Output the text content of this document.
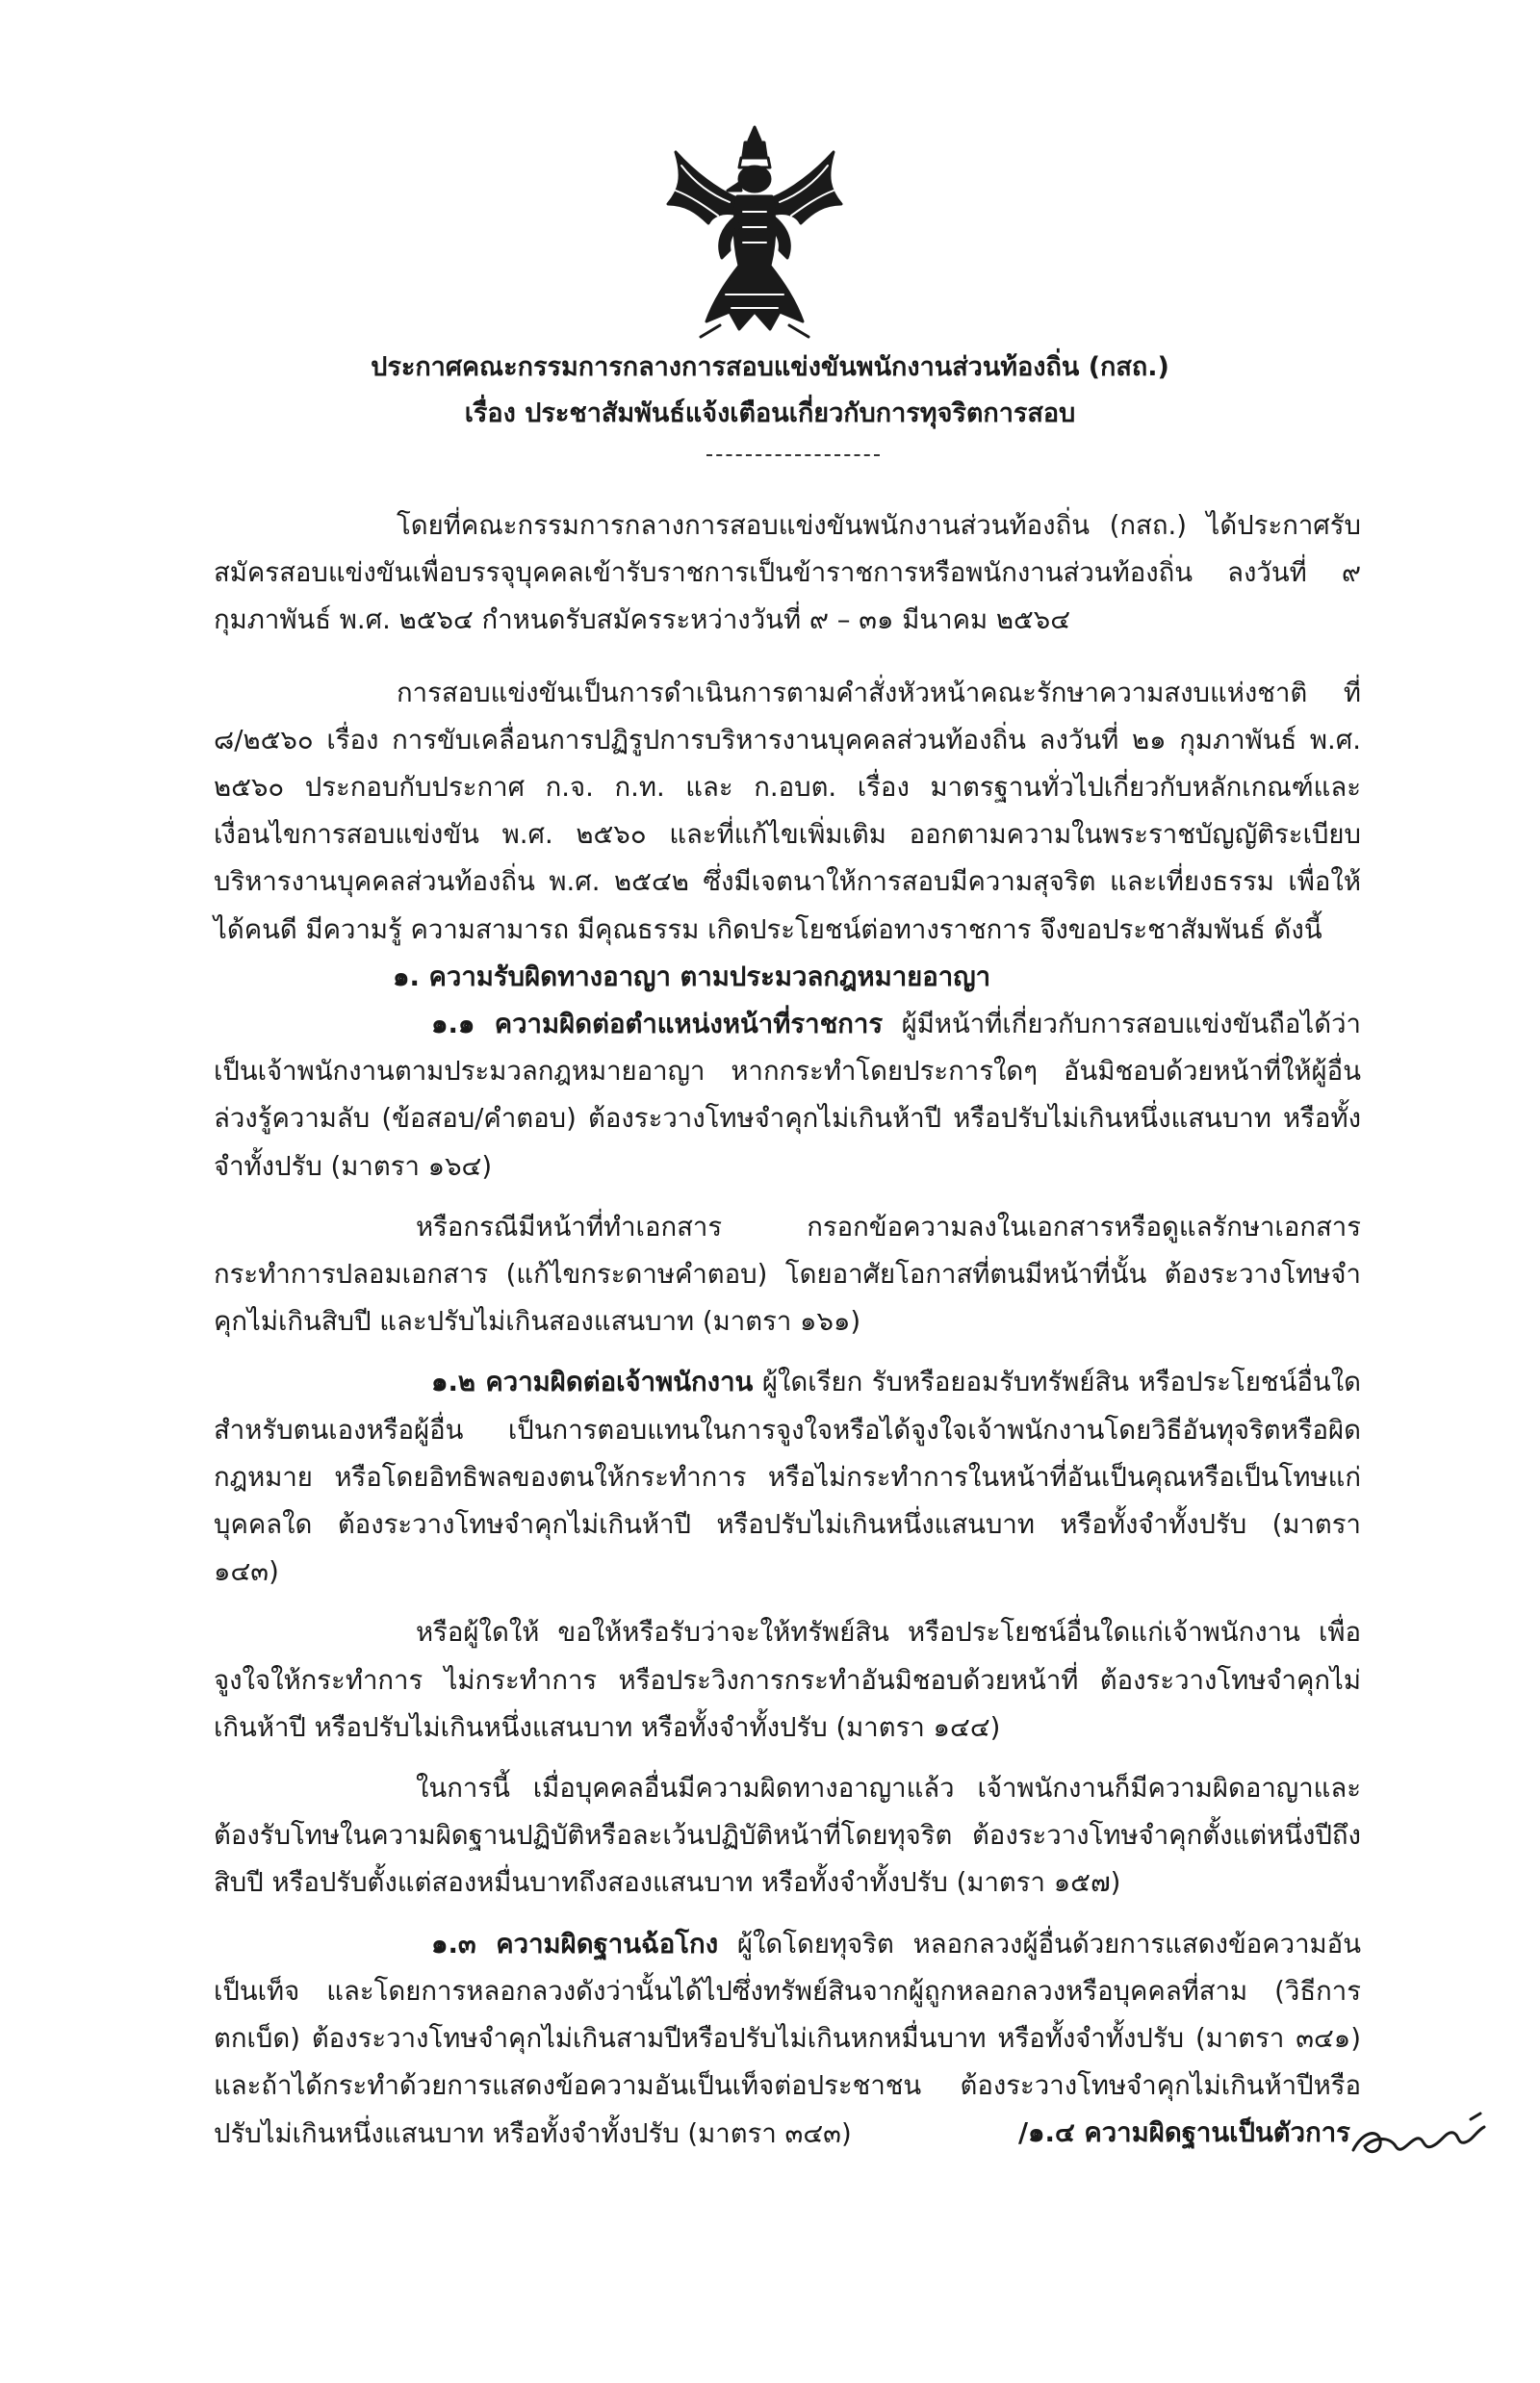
ประกาศคณะกรรมการกลางการสอบแข่งขันพนักงานส่วนท้องถิ่น (กสถ.)
เรื่อง ประชาสัมพันธ์แจ้งเตือนเกี่ยวกับการทุจริตการสอบ

โดยที่คณะกรรมการกลางการสอบแข่งขันพนักงานส่วนท้องถิ่น (กสถ.) ได้ประกาศรับสมัครสอบแข่งขันเพื่อบรรจุบุคคลเข้ารับราชการเป็นข้าราชการหรือพนักงานส่วนท้องถิ่น ลงวันที่ ๙ กุมภาพันธ์ พ.ศ. ๒๕๖๔ กำหนดรับสมัครระหว่างวันที่ ๙ – ๓๑ มีนาคม ๒๕๖๔

การสอบแข่งขันเป็นการดำเนินการตามคำสั่งหัวหน้าคณะรักษาความสงบแห่งชาติ ที่ ๘/๒๕๖๐ เรื่อง การขับเคลื่อนการปฏิรูปการบริหารงานบุคคลส่วนท้องถิ่น ลงวันที่ ๒๑ กุมภาพันธ์ พ.ศ. ๒๕๖๐ ประกอบกับประกาศ ก.จ. ก.ท. และ ก.อบต. เรื่อง มาตรฐานทั่วไปเกี่ยวกับหลักเกณฑ์และเงื่อนไขการสอบแข่งขัน พ.ศ. ๒๕๖๐ และที่แก้ไขเพิ่มเติม ออกตามความในพระราชบัญญัติระเบียบบริหารงานบุคคลส่วนท้องถิ่น พ.ศ. ๒๕๔๒ ซึ่งมีเจตนาให้การสอบมีความสุจริต และเที่ยงธรรม เพื่อให้ได้คนดี มีความรู้ ความสามารถ มีคุณธรรม เกิดประโยชน์ต่อทางราชการ จึงขอประชาสัมพันธ์ ดังนี้

๑. ความรับผิดทางอาญา ตามประมวลกฎหมายอาญา

๑.๑ ความผิดต่อตำแหน่งหน้าที่ราชการ ผู้มีหน้าที่เกี่ยวกับการสอบแข่งขันถือได้ว่าเป็นเจ้าพนักงานตามประมวลกฎหมายอาญา หากกระทำโดยประการใดๆ อันมิชอบด้วยหน้าที่ให้ผู้อื่นล่วงรู้ความลับ (ข้อสอบ/คำตอบ) ต้องระวางโทษจำคุกไม่เกินห้าปี หรือปรับไม่เกินหนึ่งแสนบาท หรือทั้งจำทั้งปรับ (มาตรา ๑๖๔)

หรือกรณีมีหน้าที่ทำเอกสาร กรอกข้อความลงในเอกสารหรือดูแลรักษาเอกสาร กระทำการปลอมเอกสาร (แก้ไขกระดาษคำตอบ) โดยอาศัยโอกาสที่ตนมีหน้าที่นั้น ต้องระวางโทษจำคุกไม่เกินสิบปี และปรับไม่เกินสองแสนบาท (มาตรา ๑๖๑)

๑.๒ ความผิดต่อเจ้าพนักงาน ผู้ใดเรียก รับหรือยอมรับทรัพย์สิน หรือประโยชน์อื่นใดสำหรับตนเองหรือผู้อื่น เป็นการตอบแทนในการจูงใจหรือได้จูงใจเจ้าพนักงานโดยวิธีอันทุจริตหรือผิดกฎหมาย หรือโดยอิทธิพลของตนให้กระทำการ หรือไม่กระทำการในหน้าที่อันเป็นคุณหรือเป็นโทษแก่บุคคลใด ต้องระวางโทษจำคุกไม่เกินห้าปี หรือปรับไม่เกินหนึ่งแสนบาท หรือทั้งจำทั้งปรับ (มาตรา ๑๔๓)

หรือผู้ใดให้ ขอให้หรือรับว่าจะให้ทรัพย์สิน หรือประโยชน์อื่นใดแก่เจ้าพนักงาน เพื่อจูงใจให้กระทำการ ไม่กระทำการ หรือประวิงการกระทำอันมิชอบด้วยหน้าที่ ต้องระวางโทษจำคุกไม่เกินห้าปี หรือปรับไม่เกินหนึ่งแสนบาท หรือทั้งจำทั้งปรับ (มาตรา ๑๔๔)

ในการนี้ เมื่อบุคคลอื่นมีความผิดทางอาญาแล้ว เจ้าพนักงานก็มีความผิดอาญาและต้องรับโทษในความผิดฐานปฏิบัติหรือละเว้นปฏิบัติหน้าที่โดยทุจริต ต้องระวางโทษจำคุกตั้งแต่หนึ่งปีถึงสิบปี หรือปรับตั้งแต่สองหมื่นบาทถึงสองแสนบาท หรือทั้งจำทั้งปรับ (มาตรา ๑๕๗)

๑.๓ ความผิดฐานฉ้อโกง ผู้ใดโดยทุจริต หลอกลวงผู้อื่นด้วยการแสดงข้อความอันเป็นเท็จ และโดยการหลอกลวงดังว่านั้นได้ไปซึ่งทรัพย์สินจากผู้ถูกหลอกลวงหรือบุคคลที่สาม (วิธีการตกเบ็ด) ต้องระวางโทษจำคุกไม่เกินสามปีหรือปรับไม่เกินหกหมื่นบาท หรือทั้งจำทั้งปรับ (มาตรา ๓๔๑) และถ้าได้กระทำด้วยการแสดงข้อความอันเป็นเท็จต่อประชาชน ต้องระวางโทษจำคุกไม่เกินห้าปีหรือปรับไม่เกินหนึ่งแสนบาท หรือทั้งจำทั้งปรับ (มาตรา ๓๔๓)	/๑.๔ ความผิดฐานเป็นตัวการ
